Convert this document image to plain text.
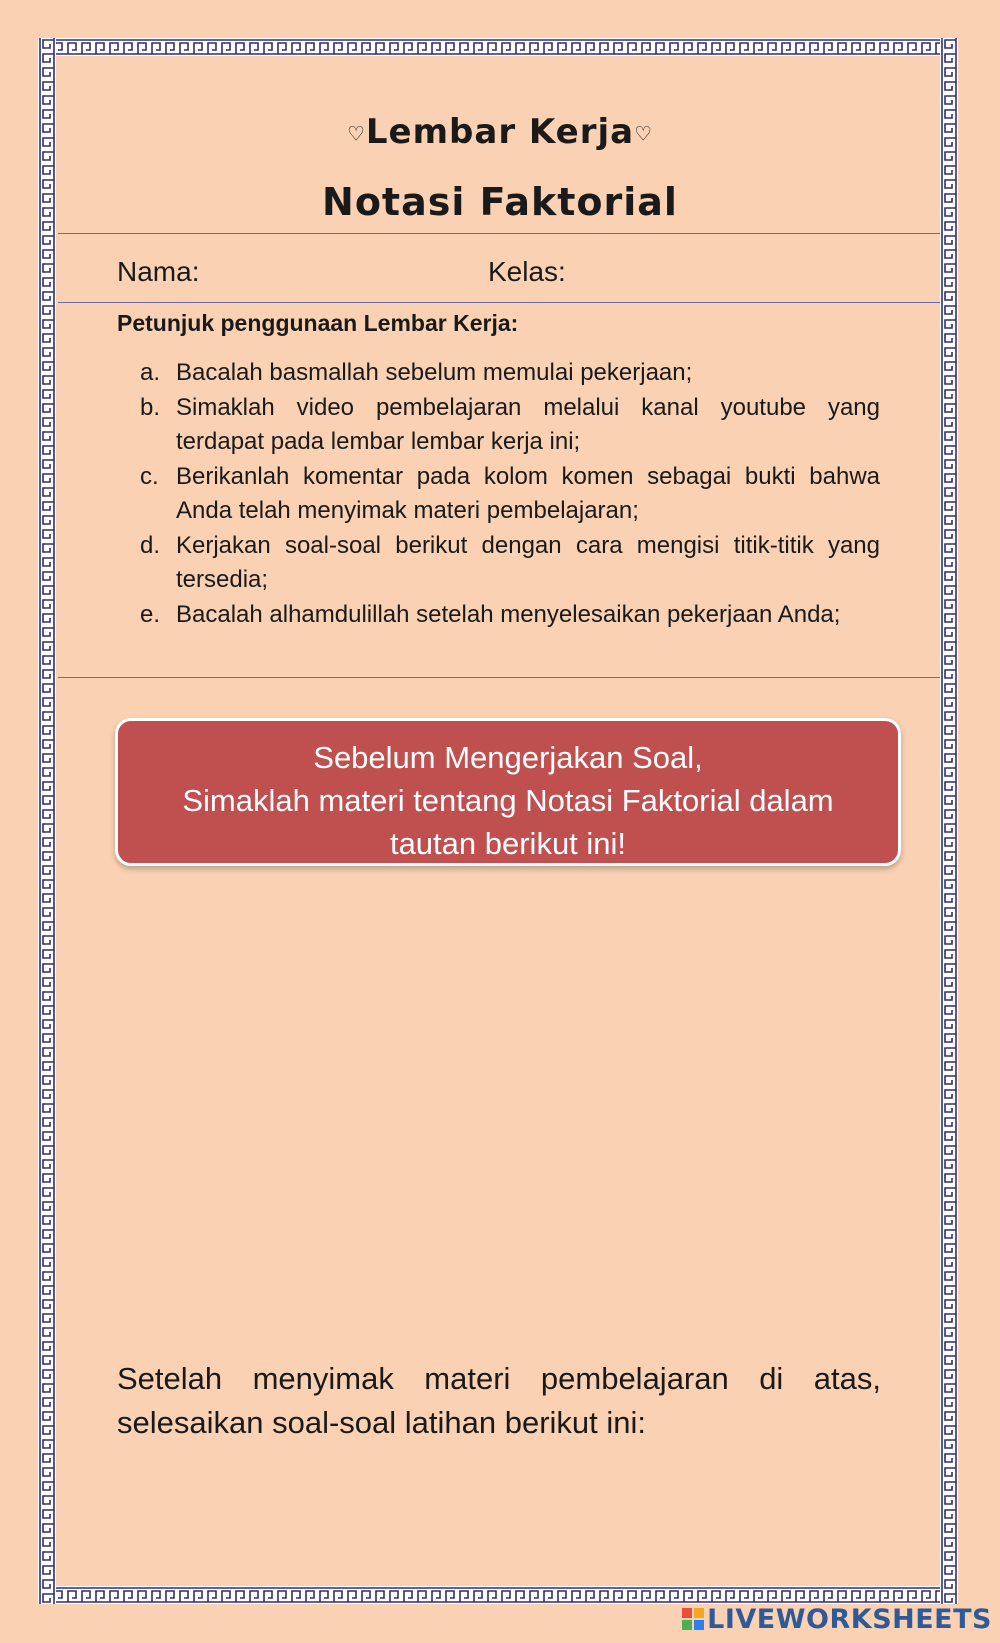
♡Lembar Kerja♡
Notasi Faktorial
Nama:	Kelas:
Petunjuk penggunaan Lembar Kerja:
a. Bacalah basmallah sebelum memulai pekerjaan;
b. Simaklah video pembelajaran melalui kanal youtube yang terdapat pada lembar lembar kerja ini;
c. Berikanlah komentar pada kolom komen sebagai bukti bahwa Anda telah menyimak materi pembelajaran;
d. Kerjakan soal-soal berikut dengan cara mengisi titik-titik yang tersedia;
e. Bacalah alhamdulillah setelah menyelesaikan pekerjaan Anda;
Sebelum Mengerjakan Soal,
Simaklah materi tentang Notasi Faktorial dalam
tautan berikut ini!
Setelah menyimak materi pembelajaran di atas, selesaikan soal-soal latihan berikut ini:
LIVEWORKSHEETS
